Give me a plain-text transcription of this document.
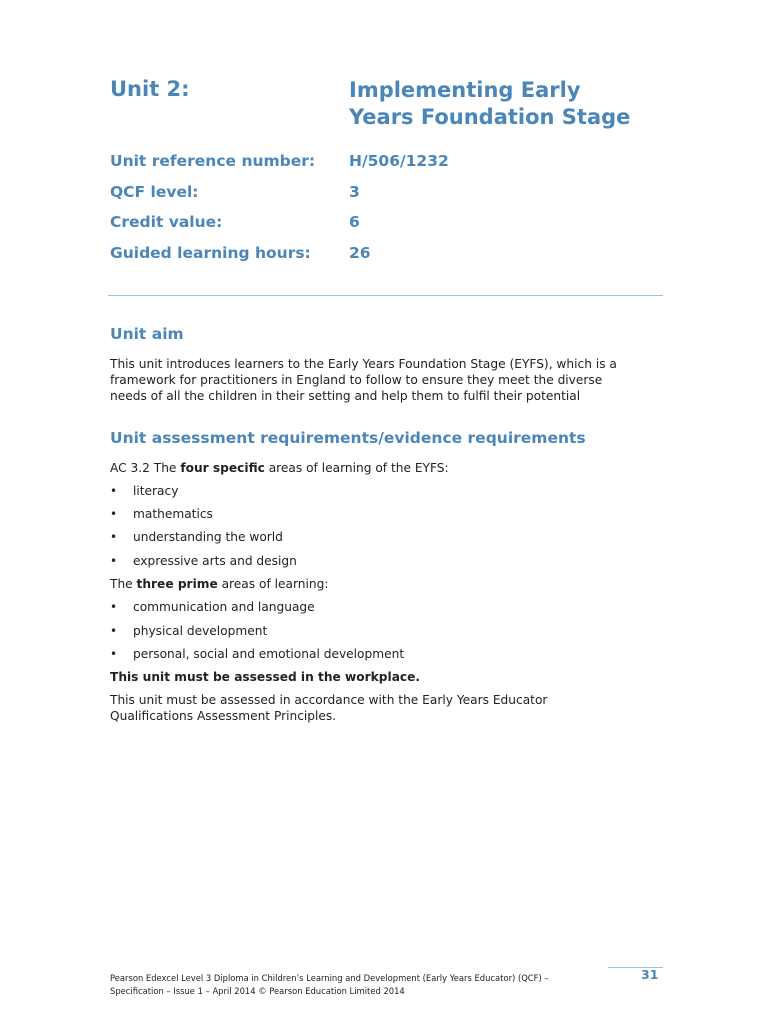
Unit 2:	Implementing Early
Years Foundation Stage
Unit reference number: H/506/1232
QCF level:	3
Credit value:	6
Guided learning hours: 26
Unit aim
This unit introduces learners to the Early Years Foundation Stage (EYFS), which is a
framework for practitioners in England to follow to ensure they meet the diverse
needs of all the children in their setting and help them to fulfil their potential
Unit assessment requirements/evidence requirements
AC 3.2 The four specific areas of learning of the EYFS:
• literacy
• mathematics
• understanding the world
• expressive arts and design
The three prime areas of learning:
• communication and language
• physical development
• personal, social and emotional development
This unit must be assessed in the workplace.
This unit must be assessed in accordance with the Early Years Educator
Qualifications Assessment Principles.
Pearson Edexcel Level 3 Diploma in Children’s Learning and Development (Early Years Educator) (QCF) –
Specification – Issue 1 – April 2014 © Pearson Education Limited 2014
31
